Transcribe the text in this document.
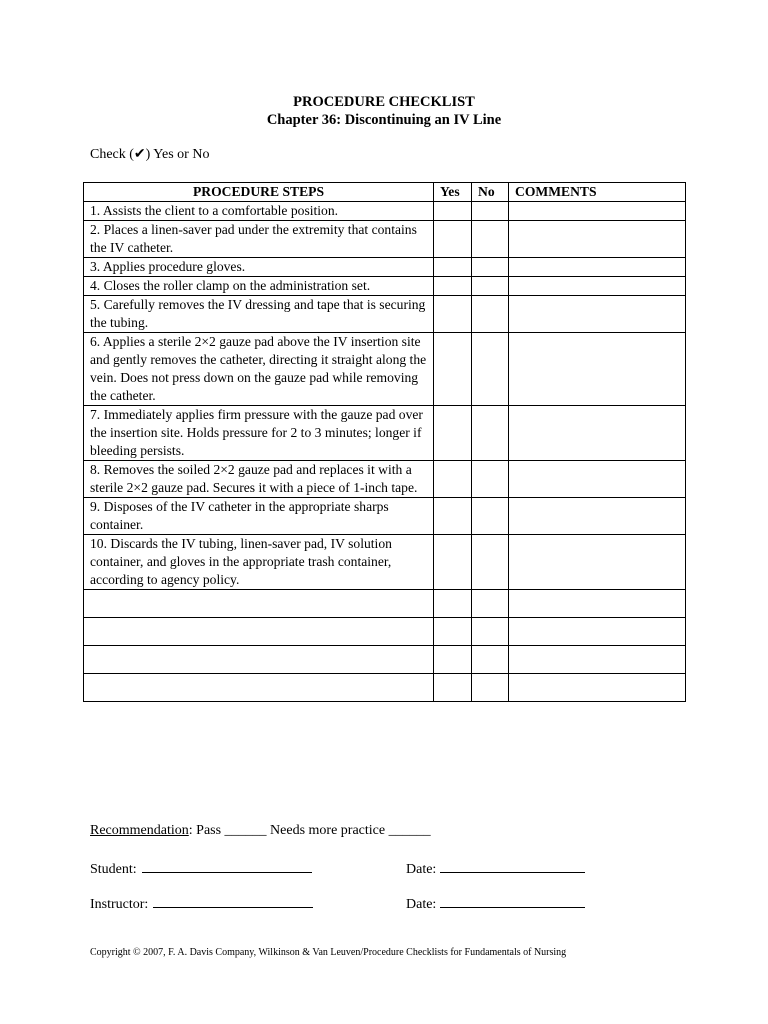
PROCEDURE CHECKLIST
Chapter 36: Discontinuing an IV Line
Check (✔) Yes or No
PROCEDURE STEPS	Yes	No	COMMENTS
1. Assists the client to a comfortable position.			
2. Places a linen-saver pad under the extremity that contains the IV catheter.			
3. Applies procedure gloves.			
4. Closes the roller clamp on the administration set.			
5. Carefully removes the IV dressing and tape that is securing the tubing.			
6. Applies a sterile 2×2 gauze pad above the IV insertion site and gently removes the catheter, directing it straight along the vein. Does not press down on the gauze pad while removing the catheter.			
7. Immediately applies firm pressure with the gauze pad over the insertion site. Holds pressure for 2 to 3 minutes; longer if bleeding persists.			
8. Removes the soiled 2×2 gauze pad and replaces it with a sterile 2×2 gauze pad. Secures it with a piece of 1-inch tape.			
9. Disposes of the IV catheter in the appropriate sharps container.			
10. Discards the IV tubing, linen-saver pad, IV solution container, and gloves in the appropriate trash container, according to agency policy.			

Recommendation: Pass ______ Needs more practice ______
Student:	Date:
Instructor:	Date:
Copyright © 2007, F. A. Davis Company, Wilkinson & Van Leuven/Procedure Checklists for Fundamentals of Nursing
